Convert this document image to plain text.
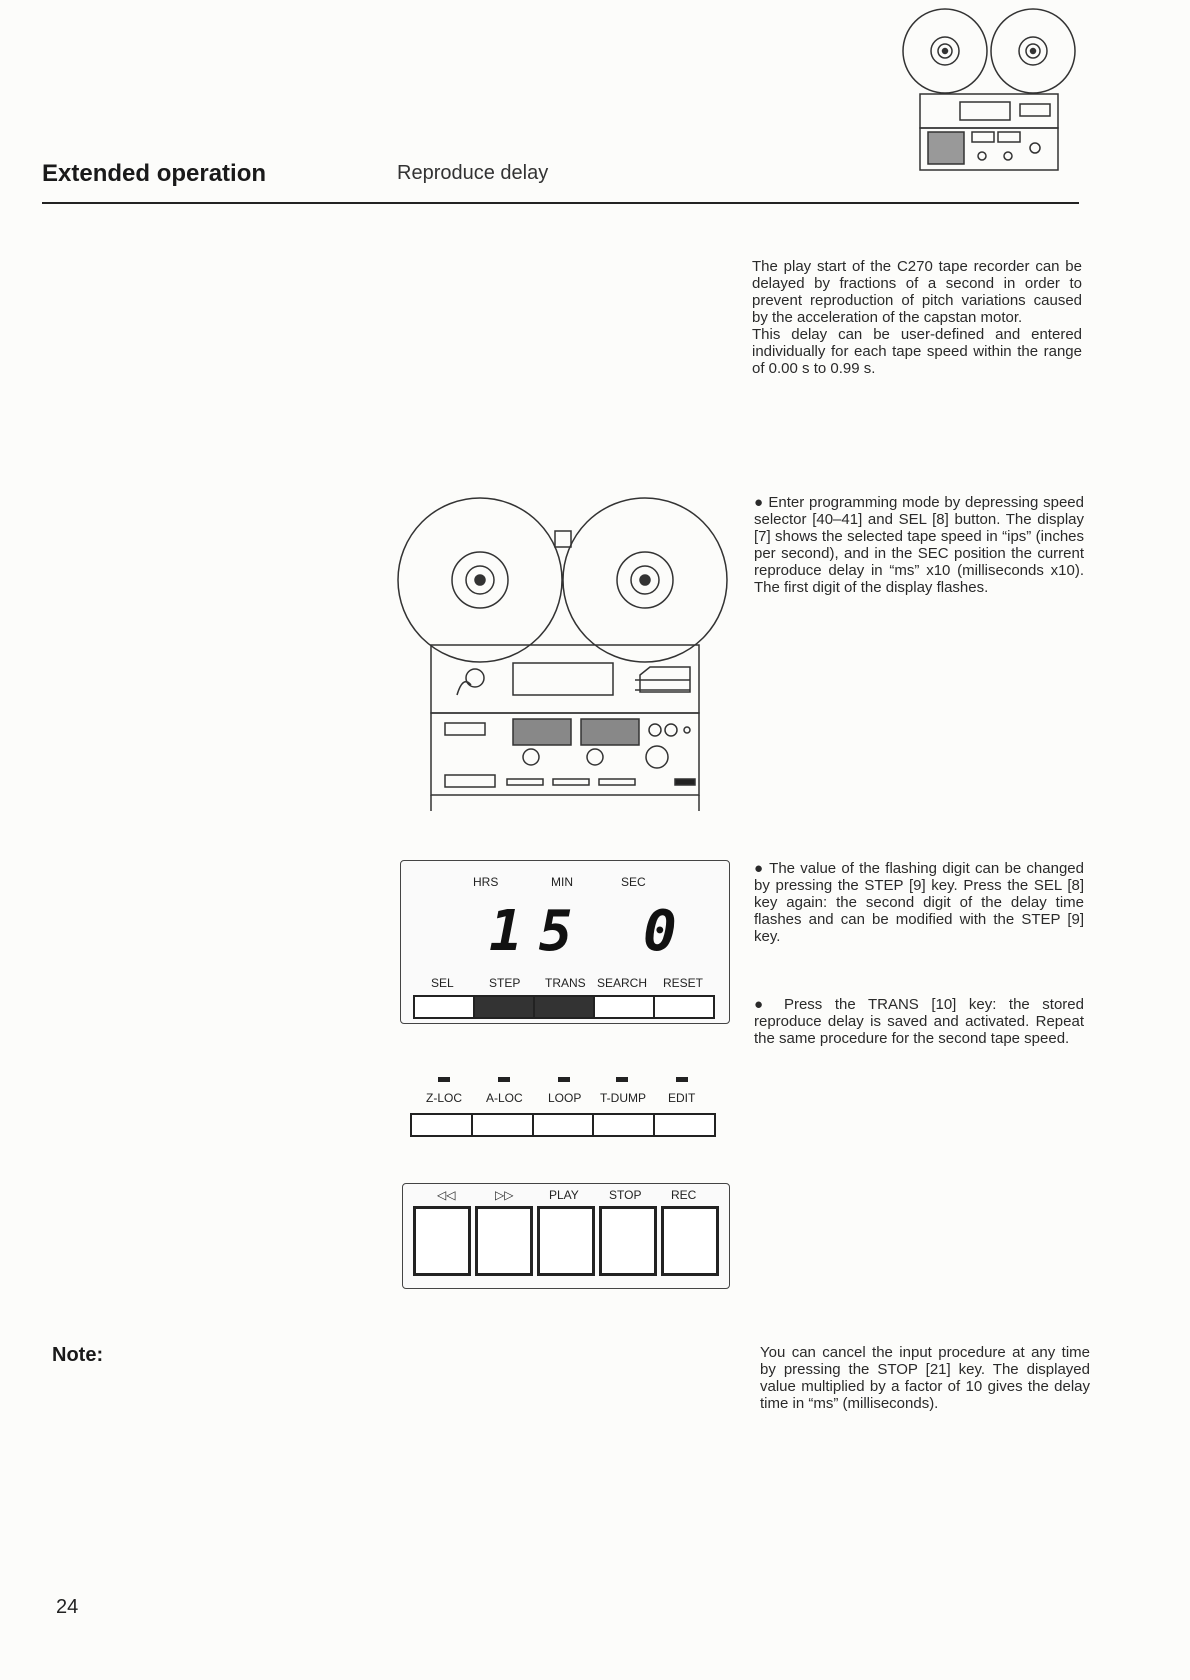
Extended operation	Reproduce delay

The play start of the C270 tape recorder can be delayed by fractions of a second in order to prevent reproduction of pitch variations caused by the acceleration of the capstan motor.

This delay can be user-defined and entered individually for each tape speed within the range of 0.00 s to 0.99 s.

● Enter programming mode by depressing speed selector [40–41] and SEL [8] button. The display [7] shows the selected tape speed in “ips” (inches per second), and in the SEC position the current reproduce delay in “ms” x10 (milliseconds x10). The first digit of the display flashes.
● The value of the flashing digit can be changed by pressing the STEP [9] key. Press the SEL [8] key again: the second digit of the delay time flashes and can be modified with the STEP [9] key.
● Press the TRANS [10] key: the stored reproduce delay is saved and activated. Repeat the same procedure for the second tape speed.
HRS	MIN	SEC
15 0
SEL	STEP TRANS SEARCH RESET
Z-LOC A-LOC LOOP T-DUMP EDIT
◁◁	▷▷	PLAY	STOP REC
Note:	You can cancel the input procedure at any time by pressing the STOP [21] key. The displayed value multiplied by a factor of 10 gives the delay time in “ms” (milliseconds).
24
